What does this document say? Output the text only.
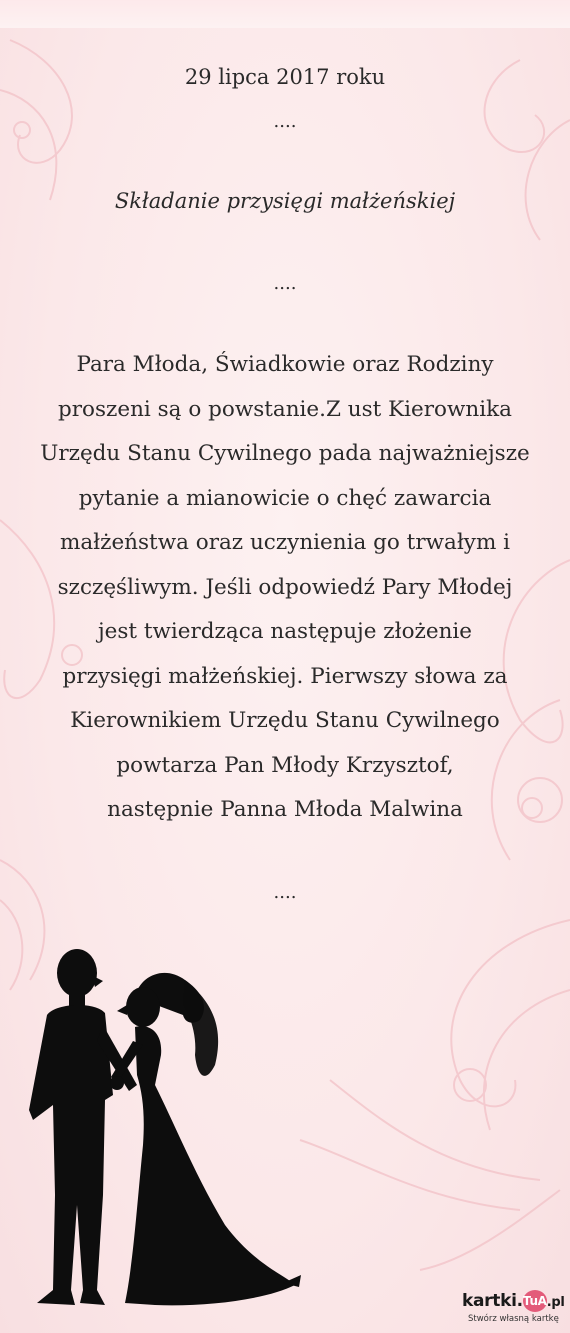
29 lipca 2017 roku
....
Składanie przysięgi małżeńskiej
....
Para Młoda, Świadkowie oraz Rodziny
proszeni są o powstanie.Z ust Kierownika
Urzędu Stanu Cywilnego pada najważniejsze
pytanie a mianowicie o chęć zawarcia
małżeństwa oraz uczynienia go trwałym i
szczęśliwym. Jeśli odpowiedź Pary Młodej
jest twierdząca następuje złożenie
przysięgi małżeńskiej. Pierwszy słowa za
Kierownikiem Urzędu Stanu Cywilnego
powtarza Pan Młody Krzysztof,
następnie Panna Młoda Malwina
....
kartki.TuA.pl
Stwórz własną kartkę
